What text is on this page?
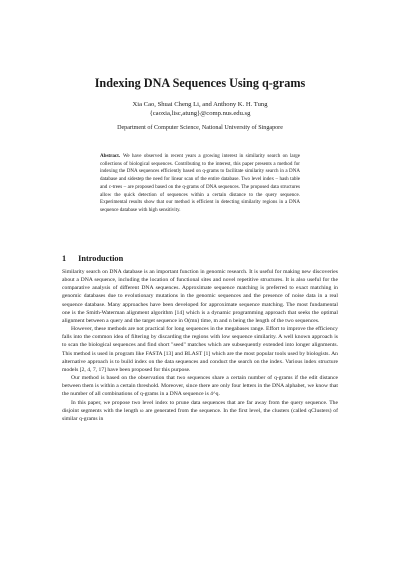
Indexing DNA Sequences Using q-grams
Xia Cao, Shuai Cheng Li, and Anthony K. H. Tung
{caoxia,lisc,atung}@comp.nus.edu.sg
Department of Computer Science, National University of Singapore
Abstract. We have observed in recent years a growing interest in similarity search on large collections of biological sequences. Contributing to the interest, this paper presents a method for indexing the DNA sequences efficiently based on q-grams to facilitate similarity search in a DNA database and sidestep the need for linear scan of the entire database. Two level index – hash table and c-trees – are proposed based on the q-grams of DNA sequences. The proposed data structures allow the quick detection of sequences within a certain distance to the query sequence. Experimental results show that our method is efficient in detecting similarity regions in a DNA sequence database with high sensitivity.
1 Introduction

Similarity search on DNA database is an important function in genomic research. It is useful for making new discoveries about a DNA sequence, including the location of functional sites and novel repetitive structures. It is also useful for the comparative analysis of different DNA sequences. Approximate sequence matching is preferred to exact matching in genomic databases due to evolutionary mutations in the genomic sequences and the presence of noise data in a real sequence database. Many approaches have been developed for approximate sequence matching. The most fundamental one is the Smith-Waterman alignment algorithm [14] which is a dynamic programming approach that seeks the optimal alignment between a query and the target sequence in O(mn) time, m and n being the length of the two sequences.

However, these methods are not practical for long sequences in the megabases range. Effort to improve the efficiency falls into the common idea of filtering by discarding the regions with low sequence similarity. A well known approach is to scan the biological sequences and find short "seed" matches which are subsequently extended into longer alignments. This method is used in program like FASTA [13] and BLAST [1] which are the most popular tools used by biologists. An alternative approach is to build index on the data sequences and conduct the search on the index. Various index structure models [2, 4, 7, 17] have been proposed for this purpose.

Our method is based on the observation that two sequences share a certain number of q-grams if the edit distance between them is within a certain threshold. Moreover, since there are only four letters in the DNA alphabet, we know that the number of all combinations of q-grams in a DNA sequence is 4^q.

In this paper, we propose two level index to prune data sequences that are far away from the query sequence. The disjoint segments with the length ω are generated from the sequence. In the first level, the clusters (called qClusters) of similar q-grams in
